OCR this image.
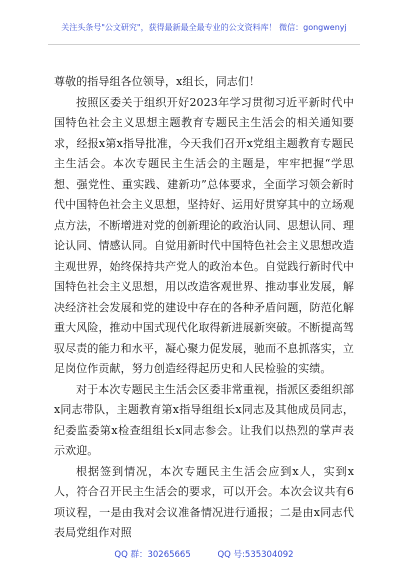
关注头条号"公文研究"，获得最新最全最专业的公文资料库！ 微信：gongwenyj

尊敬的指导组各位领导，x组长，同志们！

按照区委关于组织开好2023年学习贯彻习近平新时代中国特色社会主义思想主题教育专题民主生活会的相关通知要求，经报x第x指导批准，今天我们召开x党组主题教育专题民主生活会。本次专题民主生活会的主题是，牢牢把握“学思想、强党性、重实践、建新功”总体要求，全面学习领会新时代中国特色社会主义思想，坚持好、运用好贯穿其中的立场观点方法，不断增进对党的创新理论的政治认同、思想认同、理论认同、情感认同。自觉用新时代中国特色社会主义思想改造主观世界，始终保持共产党人的政治本色。自觉践行新时代中国特色社会主义思想，用以改造客观世界、推动事业发展，解决经济社会发展和党的建设中存在的各种矛盾问题，防范化解重大风险，推动中国式现代化取得新进展新突破。不断提高驾驭尽责的能力和水平，凝心聚力促发展，驰而不息抓落实，立足岗位作贡献，努力创造经得起历史和人民检验的实绩。

对于本次专题民主生活会区委非常重视，指派区委组织部x同志带队，主题教育第x指导组组长x同志及其他成员同志，纪委监委第x检查组组长x同志参会。让我们以热烈的掌声表示欢迎。

根据签到情况，本次专题民主生活会应到x人，实到x人，符合召开民主生活会的要求，可以开会。本次会议共有6项议程，一是由我对会议准备情况进行通报；二是由x同志代表局党组作对照

QQ 群：30265665	QQ 号:535304092
